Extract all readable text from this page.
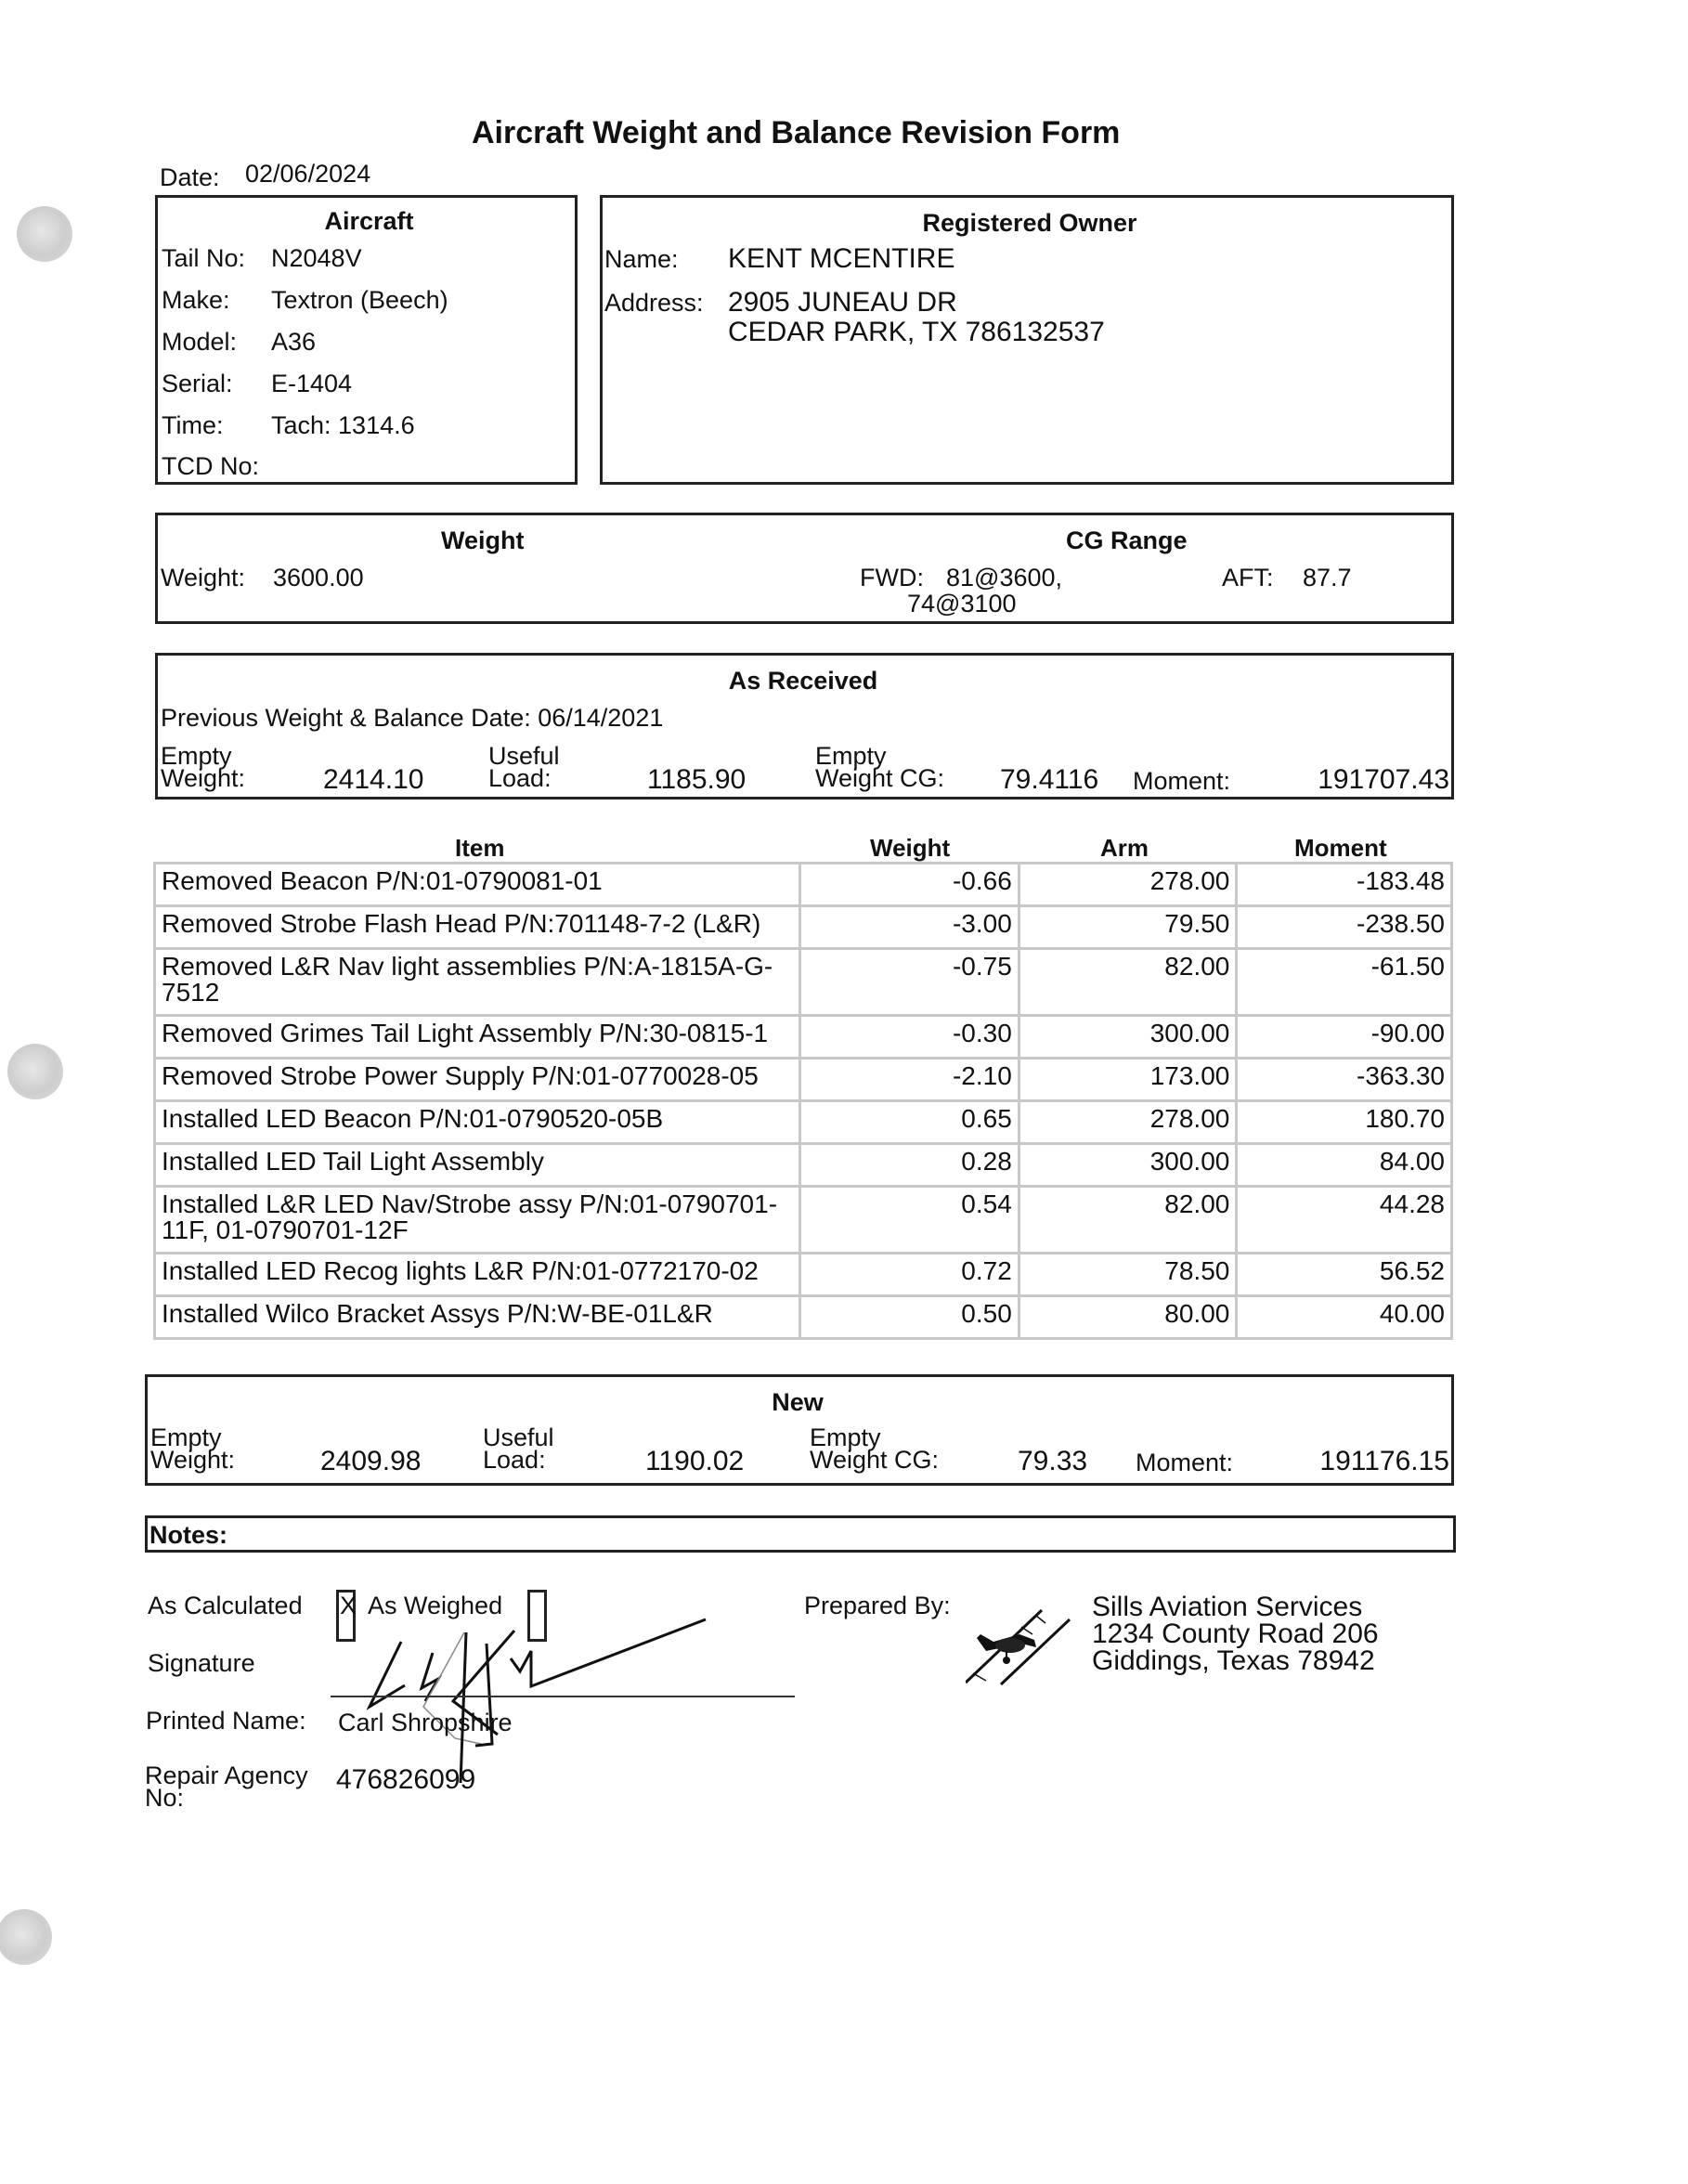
Aircraft Weight and Balance Revision Form
Date: 02/06/2024
Aircraft
Tail No: N2048V
Make: Textron (Beech)
Model: A36
Serial: E-1404
Time: Tach: 1314.6
TCD No:
Registered Owner
Name: KENT MCENTIRE
Address: 2905 JUNEAU DR
CEDAR PARK, TX 786132537
Weight
Weight: 3600.00
CG Range
FWD: 81@3600,
74@3100
AFT: 87.7
As Received
Previous Weight & Balance Date: 06/14/2021
Empty
Weight:	2414.10
Useful
Load:	1185.90
Empty
Weight CG: 79.4116 Moment:	191707.43
Item	Weight	Arm	Moment
Removed Beacon P/N:01-0790081-01	-0.66	278.00	-183.48
Removed Strobe Flash Head P/N:701148-7-2 (L&R)	-3.00	79.50	-238.50
Removed L&R Nav light assemblies P/N:A-1815A-G-7512	-0.75	82.00	-61.50
Removed Grimes Tail Light Assembly P/N:30-0815-1	-0.30	300.00	-90.00
Removed Strobe Power Supply P/N:01-0770028-05	-2.10	173.00	-363.30
Installed LED Beacon P/N:01-0790520-05B	0.65	278.00	180.70
Installed LED Tail Light Assembly	0.28	300.00	84.00
Installed L&R LED Nav/Strobe assy P/N:01-0790701-11F, 01-0790701-12F	0.54	82.00	44.28
Installed LED Recog lights L&R P/N:01-0772170-02	0.72	78.50	56.52
Installed Wilco Bracket Assys P/N:W-BE-01L&R	0.50	80.00	40.00
New
Empty
Weight:	2409.98
Useful
Load:	1190.02
Empty
Weight CG:	79.33 Moment:	191176.15
Notes:
As Calculated X As Weighed
Signature
Printed Name: Carl Shropshire
Repair Agency
No:
476826099
Prepared By:	Sills Aviation Services
1234 County Road 206
Giddings, Texas 78942
